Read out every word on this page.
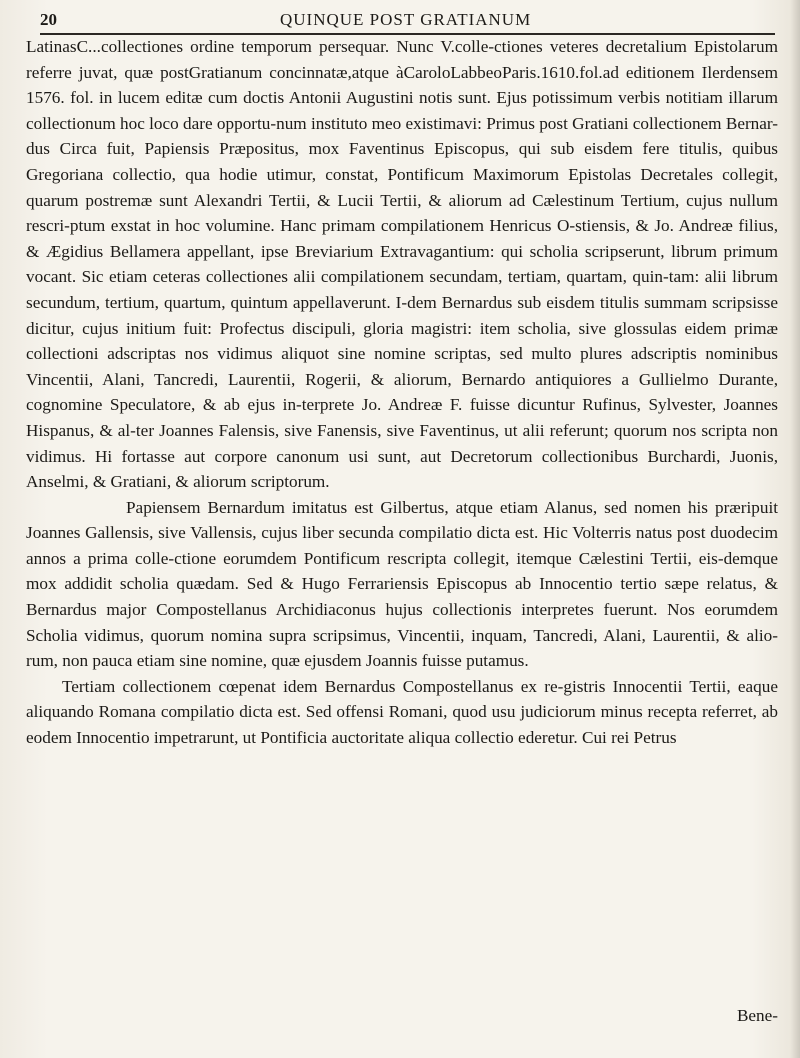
20	QUINQUE POST GRATIANUM

LatinasC...collectiones ordine temporum persequar. Nunc V.colle-ctiones veteres decretalium Epistolarum referre juvat, quæ postGratianum concinnatæ,atque àCaroloLabbeoParis.1610.fol.ad editionem Ilerdensem 1576. fol. in lucem editæ cum doctis Antonii Augustini notis sunt. Ejus potissimum verbis notitiam illarum collectionum hoc loco dare opportu-num instituto meo existimavi: Primus post Gratiani collectionem Bernar-dus Circa fuit, Papiensis Præpositus, mox Faventinus Episcopus, qui sub eisdem fere titulis, quibus Gregoriana collectio, qua hodie utimur, constat, Pontificum Maximorum Epistolas Decretales collegit, quarum postremæ sunt Alexandri Tertii, & Lucii Tertii, & aliorum ad Cælestinum Tertium, cujus nullum rescri-ptum exstat in hoc volumine. Hanc primam compilationem Henricus O-stiensis, & Jo. Andreæ filius, & Ægidius Bellamera appellant, ipse Breviarium Extravagantium: qui scholia scripserunt, librum primum vocant. Sic etiam ceteras collectiones alii compilationem secundam, tertiam, quartam, quin-tam: alii librum secundum, tertium, quartum, quintum appellaverunt. I-dem Bernardus sub eisdem titulis summam scripsisse dicitur, cujus initium fuit: Profectus discipuli, gloria magistri: item scholia, sive glossulas eidem primæ collectioni adscriptas nos vidimus aliquot sine nomine scriptas, sed multo plures adscriptis nominibus Vincentii, Alani, Tancredi, Laurentii, Rogerii, & aliorum, Bernardo antiquiores a Gullielmo Durante, cognomine Speculatore, & ab ejus in-terprete Jo. Andreæ F. fuisse dicuntur Rufinus, Sylvester, Joannes Hispanus, & al-ter Joannes Falensis, sive Fanensis, sive Faventinus, ut alii referunt; quorum nos scripta non vidimus. Hi fortasse aut corpore canonum usi sunt, aut Decretorum collectionibus Burchardi, Juonis, Anselmi, & Gratiani, & aliorum scriptorum.

Papiensem Bernardum imitatus est Gilbertus, atque etiam Alanus, sed nomen his præripuit Joannes Gallensis, sive Vallensis, cujus liber secunda compilatio dicta est. Hic Volterris natus post duodecim annos a prima colle-ctione eorumdem Pontificum rescripta collegit, itemque Cælestini Tertii, eis-demque mox addidit scholia quædam. Sed & Hugo Ferrariensis Episcopus ab Innocentio tertio sæpe relatus, & Bernardus major Compostellanus Archidiaconus hujus collectionis interpretes fuerunt. Nos eorumdem Scholia vidimus, quorum nomina supra scripsimus, Vincentii, inquam, Tancredi, Alani, Laurentii, & alio-rum, non pauca etiam sine nomine, quæ ejusdem Joannis fuisse putamus.

Tertiam collectionem cœpenat idem Bernardus Compostellanus ex re-gistris Innocentii Tertii, eaque aliquando Romana compilatio dicta est. Sed offensi Romani, quod usu judiciorum minus recepta referret, ab eodem Innocentio impetrarunt, ut Pontificia auctoritate aliqua collectio ederetur. Cui rei Petrus

Bene-
